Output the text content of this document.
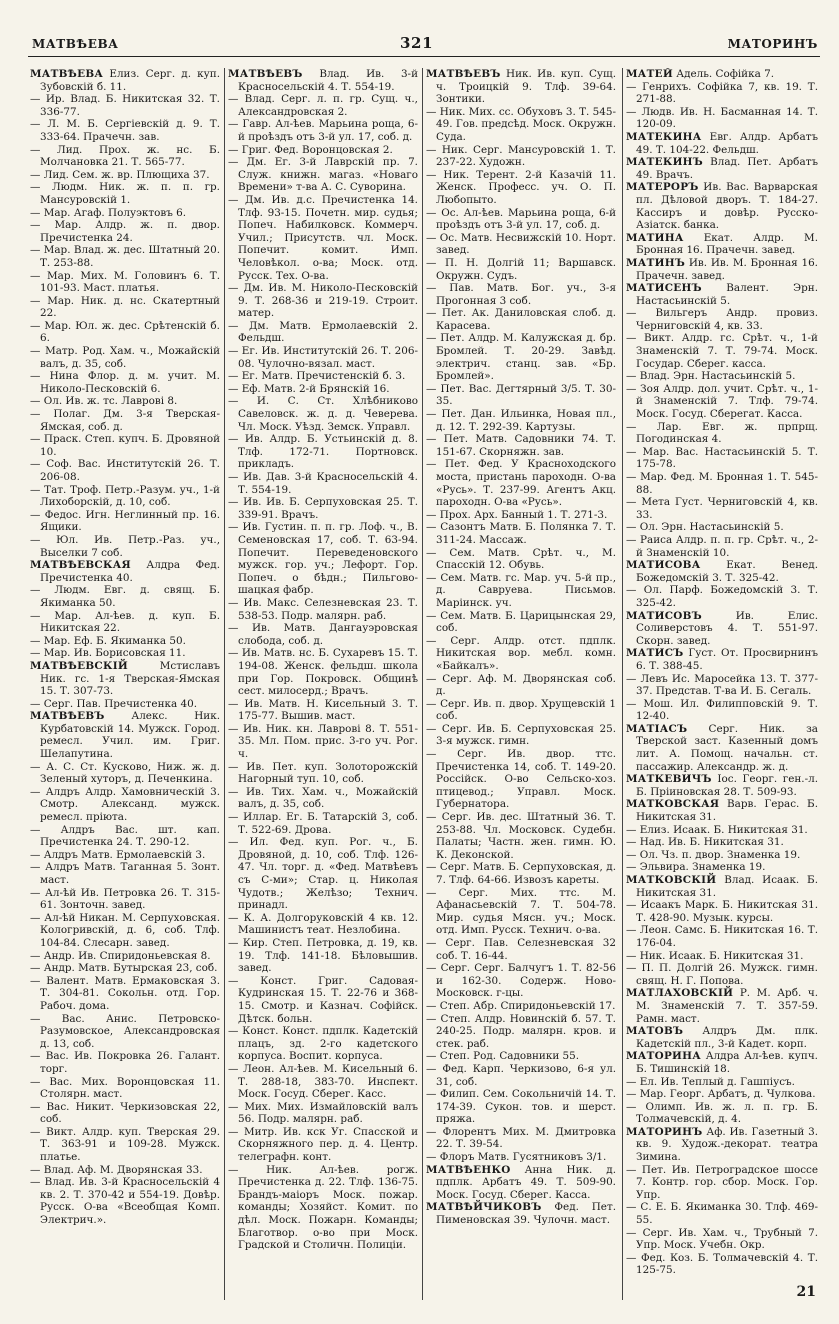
МАТВѢЕВА	321	МАТОРИНЪ

МАТВѢЕВА Елиз. Серг. д. куп. Зубовскій б. 11.

— Ир. Влад. Б. Никитская 32. Т. 336-77.

— Л. М. Б. Сергіевскій д. 9. Т. 333-64. Прачечн. зав.

— Лид. Прох. ж. нс. Б. Молчановка 21. Т. 565-77.

— Лид. Сем. ж. вр. Плющиха 37.

— Людм. Ник. ж. п. п. гр. Мансуровскій 1.

— Мар. Агаф. Полуэктовъ 6.

— Мар. Алдр. ж. п. двор. Пречистенка 24.

— Мар. Влад. ж. дес. Штатный 20. Т. 253-88.

— Мар. Мих. М. Головинъ 6. Т. 101-93. Маст. платья.

— Мар. Ник. д. нс. Скатертный 22.

— Мар. Юл. ж. дес. Срѣтенскій б. 6.

— Матр. Род. Хам. ч., Можайскій валъ, д. 35, соб.

— Нина Флор. д. м. учит. М. Николо-Песковскій 6.

— Ол. Ив. ж. тс. Лаврові 8.

— Полаг. Дм. 3-я Тверская-Ямская, соб. д.

— Праск. Степ. купч. Б. Дровяной 10.

— Соф. Вас. Институтскій 26. Т. 206-08.

— Тат. Троф. Петр.-Разум. уч., 1-й Лихоборскій, д. 10, соб.

— Федос. Игн. Неглинный пр. 16. Ящики.

— Юл. Ив. Петр.-Раз. уч., Выселки 7 соб.

МАТВѢЕВСКАЯ Алдра Фед. Пречистенка 40.

— Людм. Евг. д. свящ. Б. Якиманка 50.

— Мар. Ал-ѣев. д. куп. Б. Никитская 22.

— Мар. Еф. Б. Якиманка 50.

— Мар. Ив. Борисовская 11.

МАТВѢЕВСКІЙ Мстиславъ Ник. гс. 1-я Тверская-Ямская 15. Т. 307-73.

— Серг. Пав. Пречистенка 40.

МАТВѢЕВЪ Алекс. Ник. Курбатовскій 14. Мужск. Город. ремесл. Учил. им. Григ. Шелапутина.

— А. С. Ст. Кусково, Ниж. ж. д. Зеленый хуторъ, д. Печенкина.

— Алдръ Алдр. Хамовническій 3. Смотр. Александ. мужск. ремесл. пріюта.

— Алдръ Вас. шт. кап. Пречистенка 24. Т. 290-12.

— Алдръ Матв. Ермолаевскій 3.

— Алдръ Матв. Таганная 5. Зонт. маст.

— Ал-ѣй Ив. Петровка 26. Т. 315-61. Зонточн. завед.

— Ал-ѣй Никан. М. Серпуховская. Кологривскій, д. 6, соб. Тлф. 104-84. Слесарн. завед.

— Андр. Ив. Спиридоньевская 8.

— Андр. Матв. Бутырская 23, соб.

— Валент. Матв. Ермаковская 3. Т. 304-81. Сокольн. отд. Гор. Рабоч. дома.

— Вас. Анис. Петровско-Разумовское, Александровская д. 13, соб.

— Вас. Ив. Покровка 26. Галант. торг.

— Вас. Мих. Воронцовская 11. Столярн. маст.

— Вас. Никит. Черкизовская 22, соб.

— Викт. Алдр. куп. Тверская 29. Т. 363-91 и 109-28. Мужск. платье.

— Влад. Аф. М. Дворянская 33.

— Влад. Ив. 3-й Красносельскій 4 кв. 2. Т. 370-42 и 554-19. Довѣр. Русск. О-ва «Всеобщая Комп. Электрич.».

МАТВѢЕВЪ Влад. Ив. 3-й Красносельскій 4. Т. 554-19.

— Влад. Серг. л. п. гр. Сущ. ч., Александровская 2.

— Гавр. Ал-ѣев. Марьина роща, 6-й проѣздъ отъ 3-й ул. 17, соб. д.

— Григ. Фед. Воронцовская 2.

— Дм. Ег. 3-й Лаврскій пр. 7. Служ. книжн. магаз. «Новаго Времени» т-ва А. С. Суворина.

— Дм. Ив. д.с. Пречистенка 14. Тлф. 93-15. Почетн. мир. судья; Попеч. Набилковск. Коммерч. Учил.; Присутств. чл. Моск. Попечит. комит. Имп. Человѣкол. о-ва; Моск. отд. Русск. Тех. О-ва.

— Дм. Ив. М. Николо-Песковскій 9. Т. 268-36 и 219-19. Строит. матер.

— Дм. Матв. Ермолаевскій 2. Фельдш.

— Ег. Ив. Институтскій 26. Т. 206-08. Чулочно-вязал. маст.

— Ег. Матв. Пречистенскій б. 3.

— Еф. Матв. 2-й Брянскій 16.

— И. С. Ст. Хлѣбниково Савеловск. ж. д. д. Чеверева. Чл. Моск. Уѣзд. Земск. Управл.

— Ив. Алдр. Б. Устьинскій д. 8. Тлф. 172-71. Портновск. прикладъ.

— Ив. Дав. 3-й Красносельскій 4. Т. 554-19.

— Ив. Ив. Б. Серпуховская 25. Т. 339-91. Врачъ.

— Ив. Густин. п. п. гр. Лоф. ч., В. Семеновская 17, соб. Т. 63-94. Попечит. Переведеновского мужск. гор. уч.; Лефорт. Гор. Попеч. о бѣдн.; Пильгово-шацкая фабр.

— Ив. Макс. Селезневская 23. Т. 538-53. Подр. малярн. раб.

— Ив. Матв. Дангауэровская слобода, соб. д.

— Ив. Матв. нс. Б. Сухаревъ 15. Т. 194-08. Женск. фельдш. школа при Гор. Покровск. Общинѣ сест. милосерд.; Врачъ.

— Ив. Матв. Н. Кисельный 3. Т. 175-77. Вышив. маст.

— Ив. Ник. кн. Лаврові 8. Т. 551-35. Мл. Пом. прис. 3-го уч. Рог. ч.

— Ив. Пет. куп. Золоторожскій Нагорный туп. 10, соб.

— Ив. Тих. Хам. ч., Можайскій валъ, д. 35, соб.

— Иллар. Ег. Б. Татарскій 3, соб. Т. 522-69. Дрова.

— Ил. Фед. куп. Рог. ч., Б. Дровяной, д. 10, соб. Тлф. 126-47. Чл. торг. д. «Фед. Матвѣевъ съ С-ми»; Стар. ц. Николая Чудотв.; Желѣзо; Технич. принадл.

— К. А. Долгоруковскій 4 кв. 12. Машинистъ теат. Незлобина.

— Кир. Степ. Петровка, д. 19, кв. 19. Тлф. 141-18. Бѣловышив. завед.

— Конст. Григ. Садовая-Кудринская 15. Т. 22-76 и 368-15. Смотр. и Казнач. Софійск. Дѣтск. больн.

— Конст. Конст. пдплк. Кадетскій плацъ, зд. 2-го кадетского корпуса. Воспит. корпуса.

— Леон. Ал-ѣев. М. Кисельный 6. Т. 288-18, 383-70. Инспект. Моск. Госуд. Сберег. Касс.

— Мих. Мих. Измайловскій валъ 56. Подр. малярн. раб.

— Митр. Ив. кск Уг. Спасской и Скорняжного пер. д. 4. Центр. телеграфн. конт.

— Ник. Ал-ѣев. рогж. Пречистенка д. 22. Тлф. 136-75. Брандъ-маіоръ Моск. пожар. команды; Хозяйст. Комит. по дѣл. Моск. Пожарн. Команды; Благотвор. о-во при Моск. Градской и Столичн. Полиціи.

МАТВѢЕВЪ Ник. Ив. куп. Сущ. ч. Троицкій 9. Тлф. 39-64. Зонтики.

— Ник. Мих. сс. Обуховъ 3. Т. 545-49. Гов. предсѣд. Моск. Окружн. Суда.

— Ник. Серг. Мансуровскій 1. Т. 237-22. Художн.

— Ник. Терент. 2-й Казачій 11. Женск. Професс. уч. О. П. Любопыто.

— Ос. Ал-ѣев. Марьина роща, 6-й проѣздъ отъ 3-й ул. 17, соб. д.

— Ос. Матв. Несвижскій 10. Норт. завед.

— П. Н. Долгій 11; Варшавск. Окружн. Судъ.

— Пав. Матв. Бог. уч., 3-я Прогонная 3 соб.

— Пет. Ак. Даниловская слоб. д. Карасева.

— Пет. Алдр. М. Калужская д. бр. Бромлей. Т. 20-29. Завѣд. электрич. станц. зав. «Бр. Бромлей».

— Пет. Вас. Дегтярный 3/5. Т. 30-35.

— Пет. Дан. Ильинка, Новая пл., д. 12. Т. 292-39. Картузы.

— Пет. Матв. Садовники 74. Т. 151-67. Скорняжн. зав.

— Пет. Фед. У Красноходского моста, пристань пароходн. О-ва «Русь». Т. 237-99. Агентъ Акц. пароходн. О-ва «Русь».

— Прох. Арх. Банный 1. Т. 271-3.

— Сазонтъ Матв. Б. Полянка 7. Т. 311-24. Массаж.

— Сем. Матв. Срѣт. ч., М. Спасскій 12. Обувь.

— Сем. Матв. гс. Мар. уч. 5-й пр., д. Савруева. Письмов. Маріинск. уч.

— Сем. Матв. Б. Царицынская 29, соб.

— Серг. Алдр. отст. пдплк. Никитская вор. мебл. комн. «Байкалъ».

— Серг. Аф. М. Дворянская соб. д.

— Серг. Ив. п. двор. Хрущевскій 1 соб.

— Серг. Ив. Б. Серпуховская 25. 3-я мужск. гимн.

— Серг. Ив. двор. ттс. Пречистенка 14, соб. Т. 149-20. Россійск. О-во Сельско-хоз. птицевод.; Управл. Моск. Губернатора.

— Серг. Ив. дес. Штатный 36. Т. 253-88. Чл. Московск. Судебн. Палаты; Частн. жен. гимн. Ю. К. Деконской.

— Серг. Матв. Б. Серпуховская, д. 7. Тлф. 64-66. Извозъ кареты.

— Серг. Мих. ттс. М. Афанасьевскій 7. Т. 504-78. Мир. судья Мясн. уч.; Моск. отд. Имп. Русск. Технич. о-ва.

— Серг. Пав. Селезневская 32 соб. Т. 16-44.

— Серг. Серг. Балчугъ 1. Т. 82-56 и 162-30. Содерж. Ново-Московск. г-цы.

— Степ. Абр. Спиридоньевскій 17.

— Степ. Алдр. Новинскій б. 57. Т. 240-25. Подр. малярн. кров. и стек. раб.

— Степ. Род. Садовники 55.

— Фед. Карп. Черкизово, 6-я ул. 31, соб.

— Филип. Сем. Сокольничій 14. Т. 174-39. Сукон. тов. и шерст. пряжа.

— Флорентъ Мих. М. Дмитровка 22. Т. 39-54.

— Флоръ Матв. Гусятниковъ 3/1.

МАТВѢЕНКО Анна Ник. д. пдплк. Арбатъ 49. Т. 509-90. Моск. Госуд. Сберег. Касса.

МАТВѢЙЧИКОВЪ Фед. Пет. Пименовская 39. Чулочн. маст.

МАТЕЙ Адель. Софійка 7.

— Генрихъ. Софійка 7, кв. 19. Т. 271-88.

— Людв. Ив. Н. Басманная 14. Т. 120-09.

МАТЕКИНА Евг. Алдр. Арбатъ 49. Т. 104-22. Фельдш.

МАТЕКИНЪ Влад. Пет. Арбатъ 49. Врачъ.

МАТЕРОРЪ Ив. Вас. Варварская пл. Дѣловой дворъ. Т. 184-27. Кассиръ и довѣр. Русско-Азіатск. банка.

МАТИНА Екат. Алдр. М. Бронная 16. Прачечн. завед.

МАТИНЪ Ив. Ив. М. Бронная 16. Прачечн. завед.

МАТИСЕНЪ Валент. Эрн. Настасьинскій 5.

— Вильгеръ Андр. провиз. Черниговскій 4, кв. 33.

— Викт. Алдр. гс. Срѣт. ч., 1-й Знаменскій 7. Т. 79-74. Моск. Государ. Сберег. касса.

— Влад. Эрн. Настасьинскій 5.

— Зоя Алдр. дол. учит. Срѣт. ч., 1-й Знаменскій 7. Тлф. 79-74. Моск. Госуд. Сберегат. Касса.

— Лар. Евг. ж. прпрщ. Погодинская 4.

— Мар. Вас. Настасьинскій 5. Т. 175-78.

— Мар. Фед. М. Бронная 1. Т. 545-88.

— Мета Густ. Черниговскій 4, кв. 33.

— Ол. Эрн. Настасьинскій 5.

— Раиса Алдр. п. п. гр. Срѣт. ч., 2-й Знаменскій 10.

МАТИСОВА Екат. Венед. Божедомскій 3. Т. 325-42.

— Ол. Парф. Божедомскій 3. Т. 325-42.

МАТИСОВЪ Ив. Елис. Соливерстовъ 4. Т. 551-97. Скорн. завед.

МАТИСЪ Густ. От. Просвирнинъ 6. Т. 388-45.

— Левъ Ис. Маросейка 13. Т. 377-37. Представ. Т-ва И. Б. Сегаль.

— Мош. Ил. Филипповскій 9. Т. 12-40.

МАТІАСЪ Серг. Ник. за Тверской заст. Казенный домъ лит. А. Помощ. начальн. ст. пассажир. Александр. ж. д.

МАТКЕВИЧЪ Іос. Георг. ген.-л. Б. Пріиновская 28. Т. 509-93.

МАТКОВСКАЯ Варв. Герас. Б. Никитская 31.

— Елиз. Исаак. Б. Никитская 31.

— Над. Ив. Б. Никитская 31.

— Ол. Чз. п. двор. Знаменка 19.

— Эльвира. Знаменка 19.

МАТКОВСКІЙ Влад. Исаак. Б. Никитская 31.

— Исаакъ Марк. Б. Никитская 31. Т. 428-90. Музык. курсы.

— Леон. Самс. Б. Никитская 16. Т. 176-04.

— Ник. Исаак. Б. Никитская 31.

— П. П. Долгій 26. Мужск. гимн. свящ. Н. Г. Попова.

МАТЛАХОВСКІЙ Р. М. Арб. ч. М. Знаменскій 7. Т. 357-59. Рамн. маст.

МАТОВЪ Алдръ Дм. плк. Кадетскій пл., 3-й Кадет. корп.

МАТОРИНА Алдра Ал-ѣев. купч. Б. Тишинскій 18.

— Ел. Ив. Теплый д. Гашпіусъ.

— Мар. Георг. Арбатъ, д. Чулкова.

— Олимп. Ив. ж. л. п. гр. Б. Толмачевскій, д. 4.

МАТОРИНЪ Аф. Ив. Газетный 3. кв. 9. Худож.-декорат. театра Зимина.

— Пет. Ив. Петроградское шоссе 7. Контр. гор. сбор. Моск. Гор. Упр.

— С. Е. Б. Якиманка 30. Тлф. 469-55.

— Серг. Ив. Хам. ч., Трубный 7. Упр. Моск. Учебн. Окр.

— Фед. Коз. Б. Толмачевскій 4. Т. 125-75.

21
